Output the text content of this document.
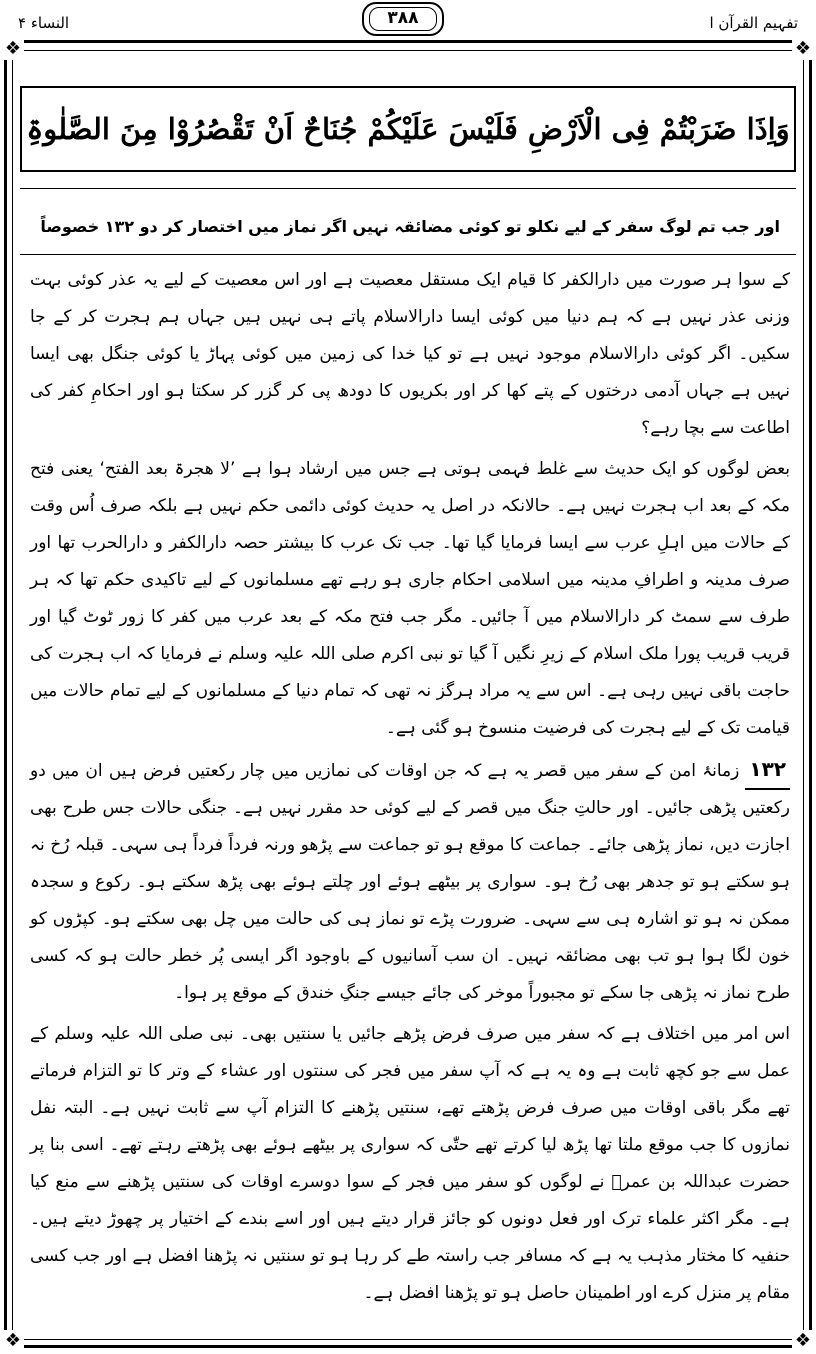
النساء ۴	۳۸۸	تفہیم القرآن ا
❖	❖
❖	❖
وَاِذَا ضَرَبْتُمْ فِی الْاَرْضِ فَلَیْسَ عَلَیْکُمْ جُنَاحٌ اَنْ تَقْصُرُوْا مِنَ الصَّلٰوۃِ
اور جب تم لوگ سفر کے لیے نکلو تو کوئی مضائقہ نہیں اگر نماز میں اختصار کر دو ۱۳۲ خصوصاً

کے سوا ہر صورت میں دارالکفر کا قیام ایک مستقل معصیت ہے اور اس معصیت کے لیے یہ عذر کوئی بہت وزنی عذر نہیں ہے کہ ہم دنیا میں کوئی ایسا دارالاسلام پاتے ہی نہیں ہیں جہاں ہم ہجرت کر کے جا سکیں۔ اگر کوئی دارالاسلام موجود نہیں ہے تو کیا خدا کی زمین میں کوئی پہاڑ یا کوئی جنگل بھی ایسا نہیں ہے جہاں آدمی درختوں کے پتے کھا کر اور بکریوں کا دودھ پی کر گزر کر سکتا ہو اور احکامِ کفر کی اطاعت سے بچا رہے؟

بعض لوگوں کو ایک حدیث سے غلط فہمی ہوتی ہے جس میں ارشاد ہوا ہے ’لا ھجرۃ بعد الفتح‘ یعنی فتح مکہ کے بعد اب ہجرت نہیں ہے۔ حالانکہ در اصل یہ حدیث کوئی دائمی حکم نہیں ہے بلکہ صرف اُس وقت کے حالات میں اہلِ عرب سے ایسا فرمایا گیا تھا۔ جب تک عرب کا بیشتر حصہ دارالکفر و دارالحرب تھا اور صرف مدینہ و اطرافِ مدینہ میں اسلامی احکام جاری ہو رہے تھے مسلمانوں کے لیے تاکیدی حکم تھا کہ ہر طرف سے سمٹ کر دارالاسلام میں آ جائیں۔ مگر جب فتح مکہ کے بعد عرب میں کفر کا زور ٹوٹ گیا اور قریب قریب پورا ملک اسلام کے زیرِ نگیں آ گیا تو نبی اکرم صلی اللہ علیہ وسلم نے فرمایا کہ اب ہجرت کی حاجت باقی نہیں رہی ہے۔ اس سے یہ مراد ہرگز نہ تھی کہ تمام دنیا کے مسلمانوں کے لیے تمام حالات میں قیامت تک کے لیے ہجرت کی فرضیت منسوخ ہو گئی ہے۔

۱۳۲زمانۂ امن کے سفر میں قصر یہ ہے کہ جن اوقات کی نمازیں میں چار رکعتیں فرض ہیں ان میں دو رکعتیں پڑھی جائیں۔ اور حالتِ جنگ میں قصر کے لیے کوئی حد مقرر نہیں ہے۔ جنگی حالات جس طرح بھی اجازت دیں، نماز پڑھی جائے۔ جماعت کا موقع ہو تو جماعت سے پڑھو ورنہ فرداً فرداً ہی سہی۔ قبلہ رُخ نہ ہو سکتے ہو تو جدھر بھی رُخ ہو۔ سواری پر بیٹھے ہوئے اور چلتے ہوئے بھی پڑھ سکتے ہو۔ رکوع و سجدہ ممکن نہ ہو تو اشارہ ہی سے سہی۔ ضرورت پڑے تو نماز ہی کی حالت میں چل بھی سکتے ہو۔ کپڑوں کو خون لگا ہوا ہو تب بھی مضائقہ نہیں۔ ان سب آسانیوں کے باوجود اگر ایسی پُر خطر حالت ہو کہ کسی طرح نماز نہ پڑھی جا سکے تو مجبوراً موخر کی جائے جیسے جنگِ خندق کے موقع پر ہوا۔

اس امر میں اختلاف ہے کہ سفر میں صرف فرض پڑھے جائیں یا سنتیں بھی۔ نبی صلی اللہ علیہ وسلم کے عمل سے جو کچھ ثابت ہے وہ یہ ہے کہ آپ سفر میں فجر کی سنتوں اور عشاء کے وتر کا تو التزام فرماتے تھے مگر باقی اوقات میں صرف فرض پڑھتے تھے، سنتیں پڑھنے کا التزام آپ سے ثابت نہیں ہے۔ البتہ نفل نمازوں کا جب موقع ملتا تھا پڑھ لیا کرتے تھے حتّٰی کہ سواری پر بیٹھے ہوئے بھی پڑھتے رہتے تھے۔ اسی بنا پر حضرت عبداللہ بن عمرؓ نے لوگوں کو سفر میں فجر کے سوا دوسرے اوقات کی سنتیں پڑھنے سے منع کیا ہے۔ مگر اکثر علماء ترک اور فعل دونوں کو جائز قرار دیتے ہیں اور اسے بندے کے اختیار پر چھوڑ دیتے ہیں۔ حنفیہ کا مختار مذہب یہ ہے کہ مسافر جب راستہ طے کر رہا ہو تو سنتیں نہ پڑھنا افضل ہے اور جب کسی مقام پر منزل کرے اور اطمینان حاصل ہو تو پڑھنا افضل ہے۔
